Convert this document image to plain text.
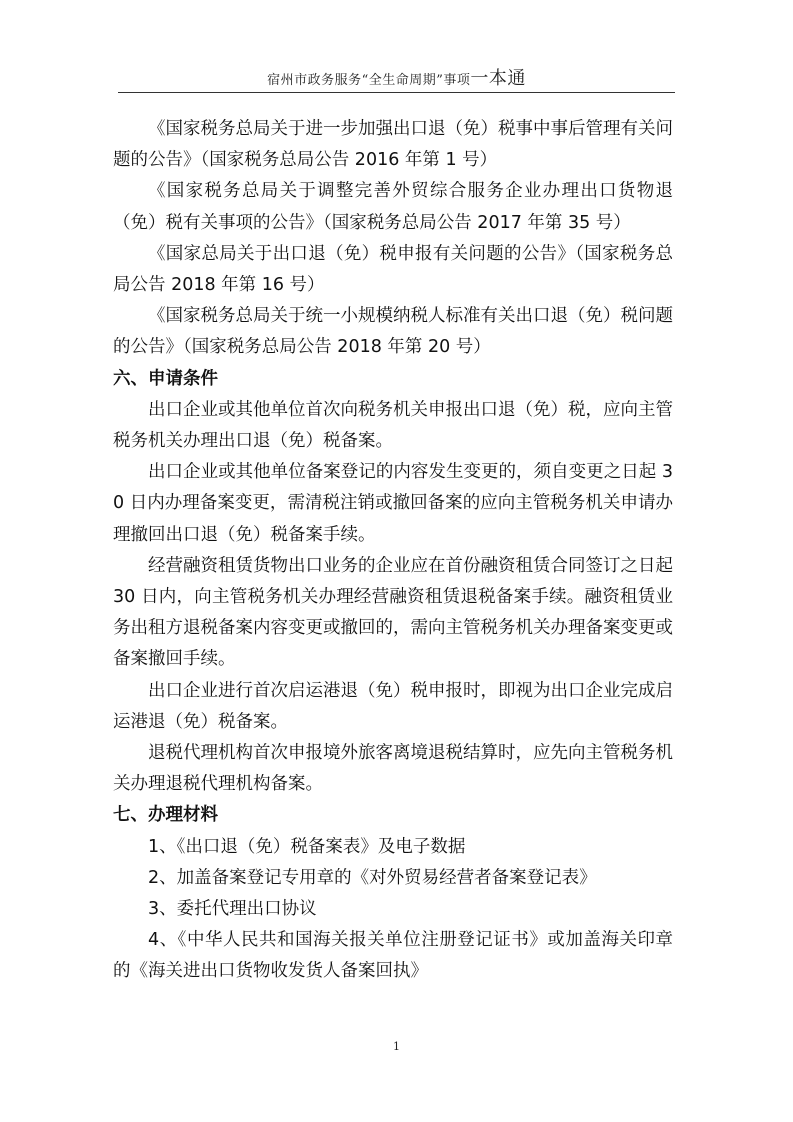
宿州市政务服务“全生命周期”事项一本通

《国家税务总局关于进一步加强出口退（免）税事中事后管理有关问题的公告》（国家税务总局公告 2016 年第 1 号）

《国家税务总局关于调整完善外贸综合服务企业办理出口货物退（免）税有关事项的公告》（国家税务总局公告 2017 年第 35 号）

《国家总局关于出口退（免）税申报有关问题的公告》（国家税务总局公告 2018 年第 16 号）

《国家税务总局关于统一小规模纳税人标准有关出口退（免）税问题的公告》（国家税务总局公告 2018 年第 20 号）

六、申请条件

出口企业或其他单位首次向税务机关申报出口退（免）税，应向主管税务机关办理出口退（免）税备案。

出口企业或其他单位备案登记的内容发生变更的，须自变更之日起 30 日内办理备案变更，需清税注销或撤回备案的应向主管税务机关申请办理撤回出口退（免）税备案手续。

经营融资租赁货物出口业务的企业应在首份融资租赁合同签订之日起 30 日内，向主管税务机关办理经营融资租赁退税备案手续。融资租赁业务出租方退税备案内容变更或撤回的，需向主管税务机关办理备案变更或备案撤回手续。

出口企业进行首次启运港退（免）税申报时，即视为出口企业完成启运港退（免）税备案。

退税代理机构首次申报境外旅客离境退税结算时，应先向主管税务机关办理退税代理机构备案。

七、办理材料

1、《出口退（免）税备案表》及电子数据

2、加盖备案登记专用章的《对外贸易经营者备案登记表》

3、委托代理出口协议

4、《中华人民共和国海关报关单位注册登记证书》或加盖海关印章的《海关进出口货物收发货人备案回执》

1
